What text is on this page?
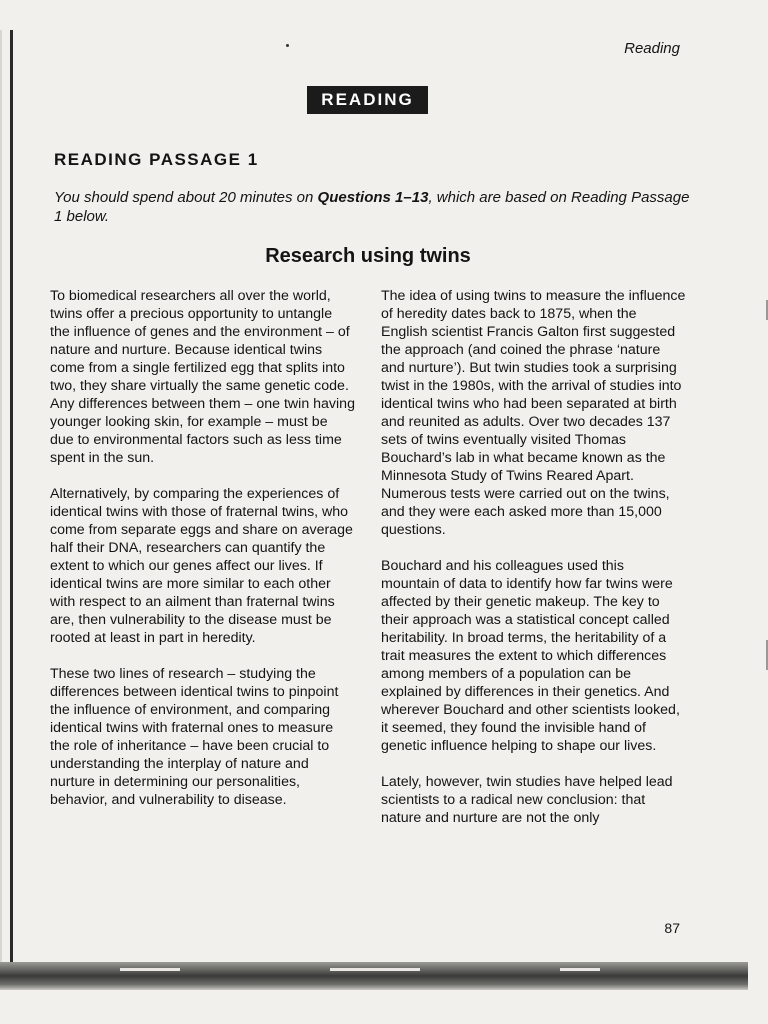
Reading
READING
READING PASSAGE 1
You should spend about 20 minutes on Questions 1–13, which are based on Reading Passage 1 below.
Research using twins

To biomedical researchers all over the world, twins offer a precious opportunity to untangle the influence of genes and the environment – of nature and nurture. Because identical twins come from a single fertilized egg that splits into two, they share virtually the same genetic code. Any differences between them – one twin having younger looking skin, for example – must be due to environmental factors such as less time spent in the sun.

Alternatively, by comparing the experiences of identical twins with those of fraternal twins, who come from separate eggs and share on average half their DNA, researchers can quantify the extent to which our genes affect our lives. If identical twins are more similar to each other with respect to an ailment than fraternal twins are, then vulnerability to the disease must be rooted at least in part in heredity.

These two lines of research – studying the differences between identical twins to pinpoint the influence of environment, and comparing identical twins with fraternal ones to measure the role of inheritance – have been crucial to understanding the interplay of nature and nurture in determining our personalities, behavior, and vulnerability to disease.

The idea of using twins to measure the influence of heredity dates back to 1875, when the English scientist Francis Galton first suggested the approach (and coined the phrase ‘nature and nurture’). But twin studies took a surprising twist in the 1980s, with the arrival of studies into identical twins who had been separated at birth and reunited as adults. Over two decades 137 sets of twins eventually visited Thomas Bouchard’s lab in what became known as the Minnesota Study of Twins Reared Apart. Numerous tests were carried out on the twins, and they were each asked more than 15,000 questions.

Bouchard and his colleagues used this mountain of data to identify how far twins were affected by their genetic makeup. The key to their approach was a statistical concept called heritability. In broad terms, the heritability of a trait measures the extent to which differences among members of a population can be explained by differences in their genetics. And wherever Bouchard and other scientists looked, it seemed, they found the invisible hand of genetic influence helping to shape our lives.

Lately, however, twin studies have helped lead scientists to a radical new conclusion: that nature and nurture are not the only

87
